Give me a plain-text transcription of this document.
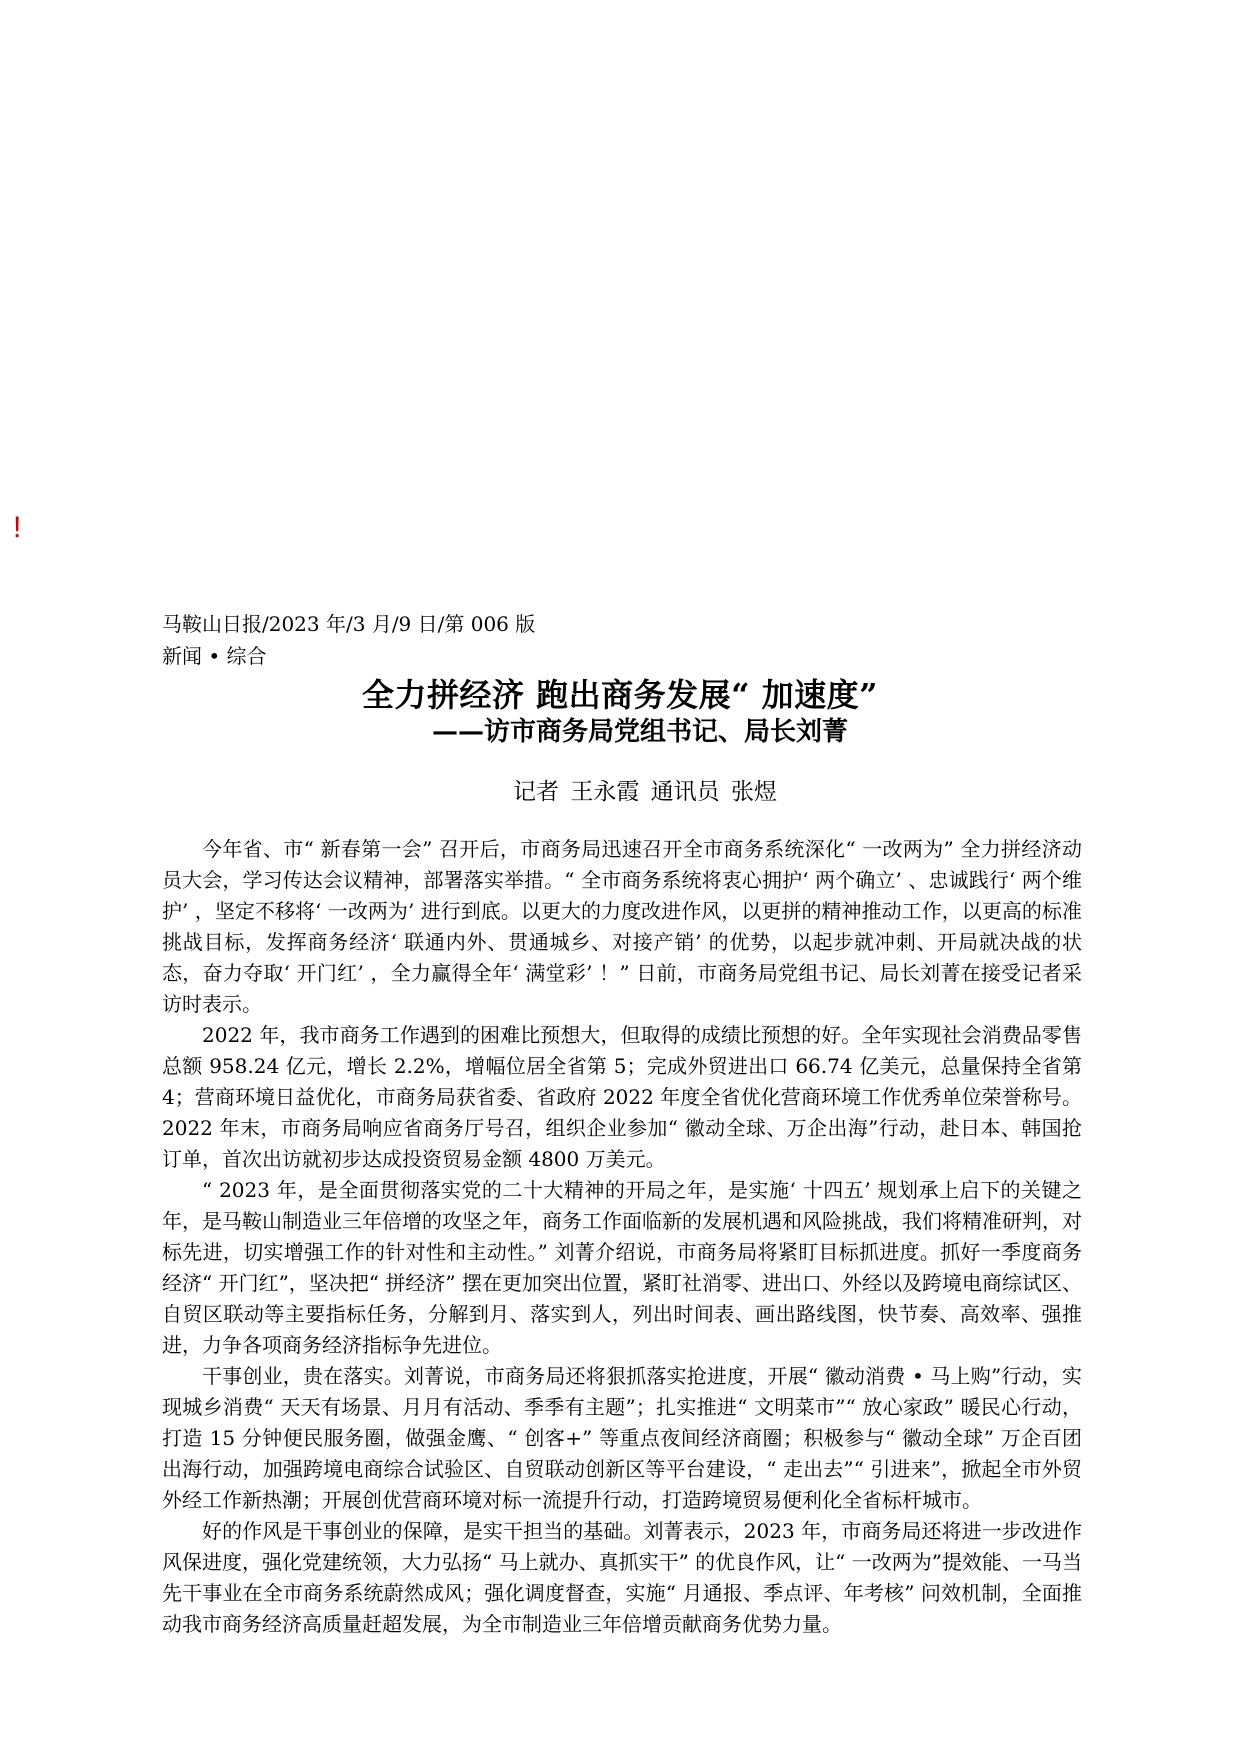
!
马鞍山日报/2023 年/3 月/9 日/第 006 版新闻 • 综合
全力拼经济 跑出商务发展“ 加速度”
——访市商务局党组书记、局长刘菁
记者 王永霞 通讯员 张煜

今年省、市“ 新春第一会” 召开后，市商务局迅速召开全市商务系统深化“ 一改两为” 全力拼经济动员大会，学习传达会议精神，部署落实举措。“ 全市商务系统将衷心拥护‘ 两个确立’ 、忠诚践行‘ 两个维护’ ，坚定不移将‘ 一改两为’ 进行到底。以更大的力度改进作风，以更拼的精神推动工作，以更高的标准挑战目标，发挥商务经济‘ 联通内外、贯通城乡、对接产销’ 的优势，以起步就冲刺、开局就决战的状态，奋力夺取‘ 开门红’ ，全力赢得全年‘ 满堂彩’ ！” 日前，市商务局党组书记、局长刘菁在接受记者采访时表示。

2022 年，我市商务工作遇到的困难比预想大，但取得的成绩比预想的好。全年实现社会消费品零售总额 958.24 亿元，增长 2.2%，增幅位居全省第 5；完成外贸进出口 66.74 亿美元，总量保持全省第 4；营商环境日益优化，市商务局获省委、省政府 2022 年度全省优化营商环境工作优秀单位荣誉称号。2022 年末，市商务局响应省商务厅号召，组织企业参加“ 徽动全球、万企出海”行动，赴日本、韩国抢订单，首次出访就初步达成投资贸易金额 4800 万美元。

“ 2023 年，是全面贯彻落实党的二十大精神的开局之年，是实施‘ 十四五’ 规划承上启下的关键之年，是马鞍山制造业三年倍增的攻坚之年，商务工作面临新的发展机遇和风险挑战，我们将精准研判，对标先进，切实增强工作的针对性和主动性。” 刘菁介绍说，市商务局将紧盯目标抓进度。抓好一季度商务经济“ 开门红”，坚决把“ 拼经济” 摆在更加突出位置，紧盯社消零、进出口、外经以及跨境电商综试区、自贸区联动等主要指标任务，分解到月、落实到人，列出时间表、画出路线图，快节奏、高效率、强推进，力争各项商务经济指标争先进位。

干事创业，贵在落实。刘菁说，市商务局还将狠抓落实抢进度，开展“ 徽动消费 • 马上购”行动，实现城乡消费“ 天天有场景、月月有活动、季季有主题”；扎实推进“ 文明菜市”“ 放心家政” 暖民心行动，打造 15 分钟便民服务圈，做强金鹰、“ 创客+” 等重点夜间经济商圈；积极参与“ 徽动全球” 万企百团出海行动，加强跨境电商综合试验区、自贸联动创新区等平台建设，“ 走出去”“ 引进来”，掀起全市外贸外经工作新热潮；开展创优营商环境对标一流提升行动，打造跨境贸易便利化全省标杆城市。

好的作风是干事创业的保障，是实干担当的基础。刘菁表示，2023 年，市商务局还将进一步改进作风保进度，强化党建统领，大力弘扬“ 马上就办、真抓实干” 的优良作风，让“ 一改两为”提效能、一马当先干事业在全市商务系统蔚然成风；强化调度督查，实施“ 月通报、季点评、年考核” 问效机制，全面推动我市商务经济高质量赶超发展，为全市制造业三年倍增贡献商务优势力量。
